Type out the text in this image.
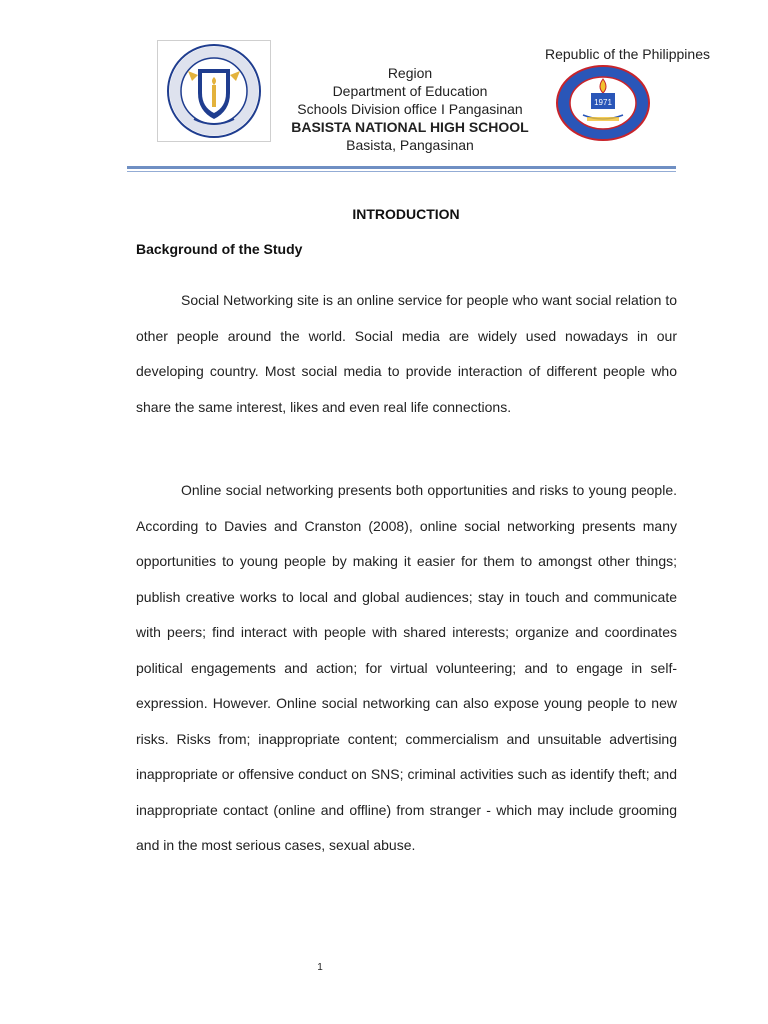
Republic of the Philippines
Region
Department of Education
Schools Division office I Pangasinan
BASISTA NATIONAL HIGH SCHOOL
Basista, Pangasinan
1971
INTRODUCTION
Background of the Study

Social Networking site is an online service for people who want social relation to other people around the world. Social media are widely used nowadays in our developing country. Most social media to provide interaction of different people who share the same interest, likes and even real life connections.

Online social networking presents both opportunities and risks to young people. According to Davies and Cranston (2008), online social networking presents many opportunities to young people by making it easier for them to amongst other things; publish creative works to local and global audiences; stay in touch and communicate with peers; find interact with people with shared interests; organize and coordinates political engagements and action; for virtual volunteering; and to engage in self-expression. However. Online social networking can also expose young people to new risks. Risks from; inappropriate content; commercialism and unsuitable advertising inappropriate or offensive conduct on SNS; criminal activities such as identify theft; and inappropriate contact (online and offline) from stranger - which may include grooming and in the most serious cases, sexual abuse.

1
